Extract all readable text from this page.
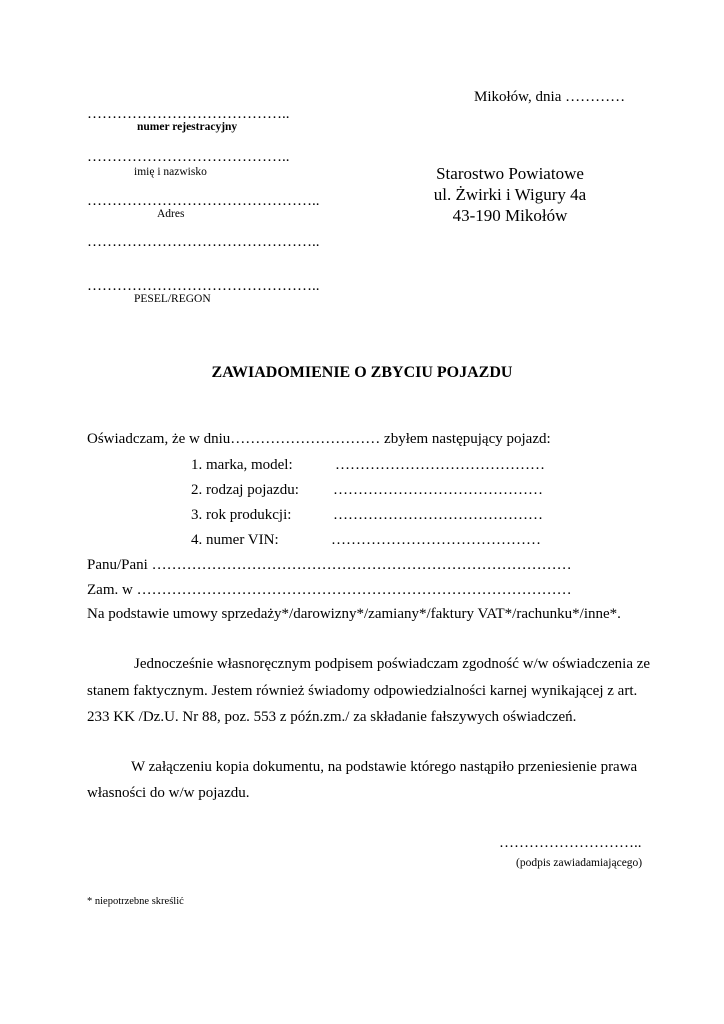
Mikołów, dnia …………
…………………………………..
numer rejestracyjny
…………………………………..
imię i nazwisko
………………………………………..
Adres
………………………………………..
………………………………………..
PESEL/REGON
Starostwo Powiatowe
ul. Żwirki i Wigury 4a
43-190 Mikołów
ZAWIADOMIENIE O ZBYCIU POJAZDU
Oświadczam, że w dniu………………………… zbyłem następujący pojazd:
1. marka, model:	……………………………………
2. rodzaj pojazdu: ……………………………………
3. rok produkcji:	……………………………………
4. numer VIN:	……………………………………
Panu/Pani …………………………………………………………………………
Zam. w ……………………………………………………………………………
Na podstawie umowy sprzedaży*/darowizny*/zamiany*/faktury VAT*/rachunku*/inne*.
Jednocześnie własnoręcznym podpisem poświadczam zgodność w/w oświadczenia ze
stanem faktycznym. Jestem również świadomy odpowiedzialności karnej wynikającej z art.
233 KK /Dz.U. Nr 88, poz. 553 z późn.zm./ za składanie fałszywych oświadczeń.
W załączeniu kopia dokumentu, na podstawie którego nastąpiło przeniesienie prawa
własności do w/w pojazdu.
………………………..
(podpis zawiadamiającego)
* niepotrzebne skreślić
